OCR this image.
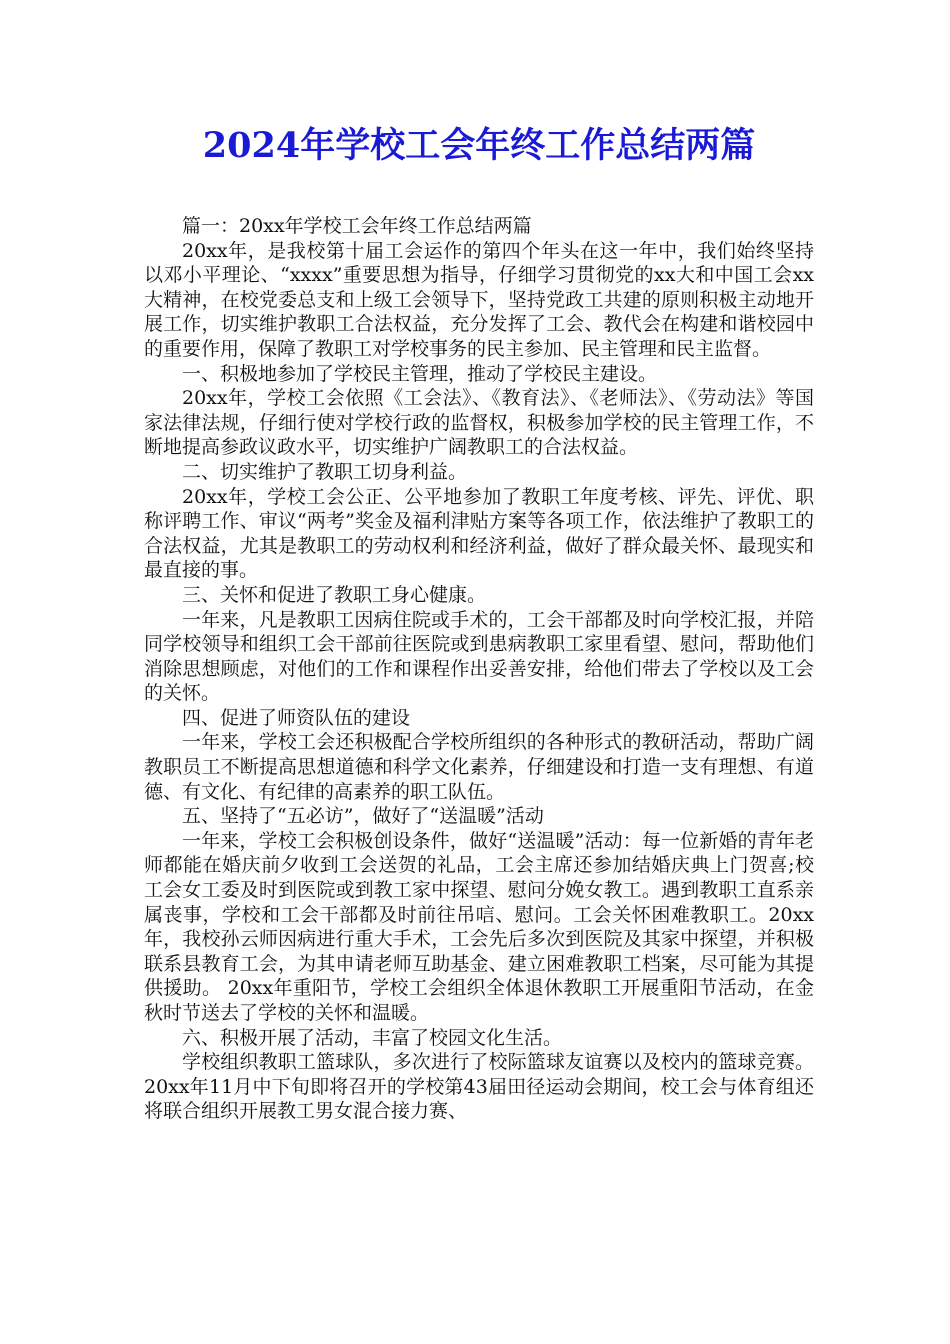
2024年学校工会年终工作总结两篇

篇一：20xx年学校工会年终工作总结两篇

20xx年，是我校第十届工会运作的第四个年头在这一年中，我们始终坚持以邓小平理论、“xxxx”重要思想为指导，仔细学习贯彻党的xx大和中国工会xx大精神，在校党委总支和上级工会领导下，坚持党政工共建的原则积极主动地开展工作，切实维护教职工合法权益，充分发挥了工会、教代会在构建和谐校园中的重要作用，保障了教职工对学校事务的民主参加、民主管理和民主监督。

一、积极地参加了学校民主管理，推动了学校民主建设。

20xx年，学校工会依照《工会法》、《教育法》、《老师法》、《劳动法》等国家法律法规，仔细行使对学校行政的监督权，积极参加学校的民主管理工作，不断地提高参政议政水平，切实维护广阔教职工的合法权益。

二、切实维护了教职工切身利益。

20xx年，学校工会公正、公平地参加了教职工年度考核、评先、评优、职称评聘工作、审议“两考”奖金及福利津贴方案等各项工作，依法维护了教职工的合法权益，尤其是教职工的劳动权利和经济利益，做好了群众最关怀、最现实和最直接的事。

三、关怀和促进了教职工身心健康。

一年来，凡是教职工因病住院或手术的，工会干部都及时向学校汇报，并陪同学校领导和组织工会干部前往医院或到患病教职工家里看望、慰问，帮助他们消除思想顾虑，对他们的工作和课程作出妥善安排，给他们带去了学校以及工会的关怀。

四、促进了师资队伍的建设

一年来，学校工会还积极配合学校所组织的各种形式的教研活动，帮助广阔教职员工不断提高思想道德和科学文化素养，仔细建设和打造一支有理想、有道德、有文化、有纪律的高素养的职工队伍。

五、坚持了“五必访”，做好了“送温暖”活动

一年来，学校工会积极创设条件，做好“送温暖”活动：每一位新婚的青年老师都能在婚庆前夕收到工会送贺的礼品，工会主席还参加结婚庆典上门贺喜;校工会女工委及时到医院或到教工家中探望、慰问分娩女教工。遇到教职工直系亲属丧事，学校和工会干部都及时前往吊唁、慰问。工会关怀困难教职工。20xx年，我校孙云师因病进行重大手术，工会先后多次到医院及其家中探望，并积极联系县教育工会，为其申请老师互助基金、建立困难教职工档案，尽可能为其提供援助。 20xx年重阳节，学校工会组织全体退休教职工开展重阳节活动，在金秋时节送去了学校的关怀和温暖。

六、积极开展了活动，丰富了校园文化生活。

学校组织教职工篮球队，多次进行了校际篮球友谊赛以及校内的篮球竞赛。20xx年11月中下旬即将召开的学校第43届田径运动会期间，校工会与体育组还将联合组织开展教工男女混合接力赛、
